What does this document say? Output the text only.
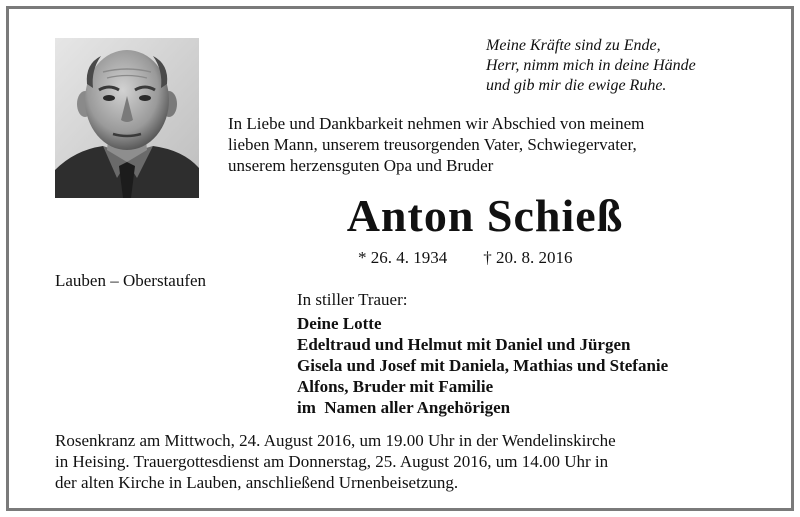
Meine Kräfte sind zu Ende,
Herr, nimm mich in deine Hände
und gib mir die ewige Ruhe.
In Liebe und Dankbarkeit nehmen wir Abschied von meinem
lieben Mann, unserem treusorgenden Vater, Schwiegervater,
unserem herzensguten Opa und Bruder
Anton Schieß
* 26. 4. 1934 † 20. 8. 2016
Lauben – Oberstaufen
In stiller Trauer:
Deine Lotte
Edeltraud und Helmut mit Daniel und Jürgen
Gisela und Josef mit Daniela, Mathias und Stefanie
Alfons, Bruder mit Familie
im  Namen aller Angehörigen
Rosenkranz am Mittwoch, 24. August 2016, um 19.00 Uhr in der Wendelinskirche
in Heising. Trauergottesdienst am Donnerstag, 25. August 2016, um 14.00 Uhr in
der alten Kirche in Lauben, anschließend Urnenbeisetzung.
